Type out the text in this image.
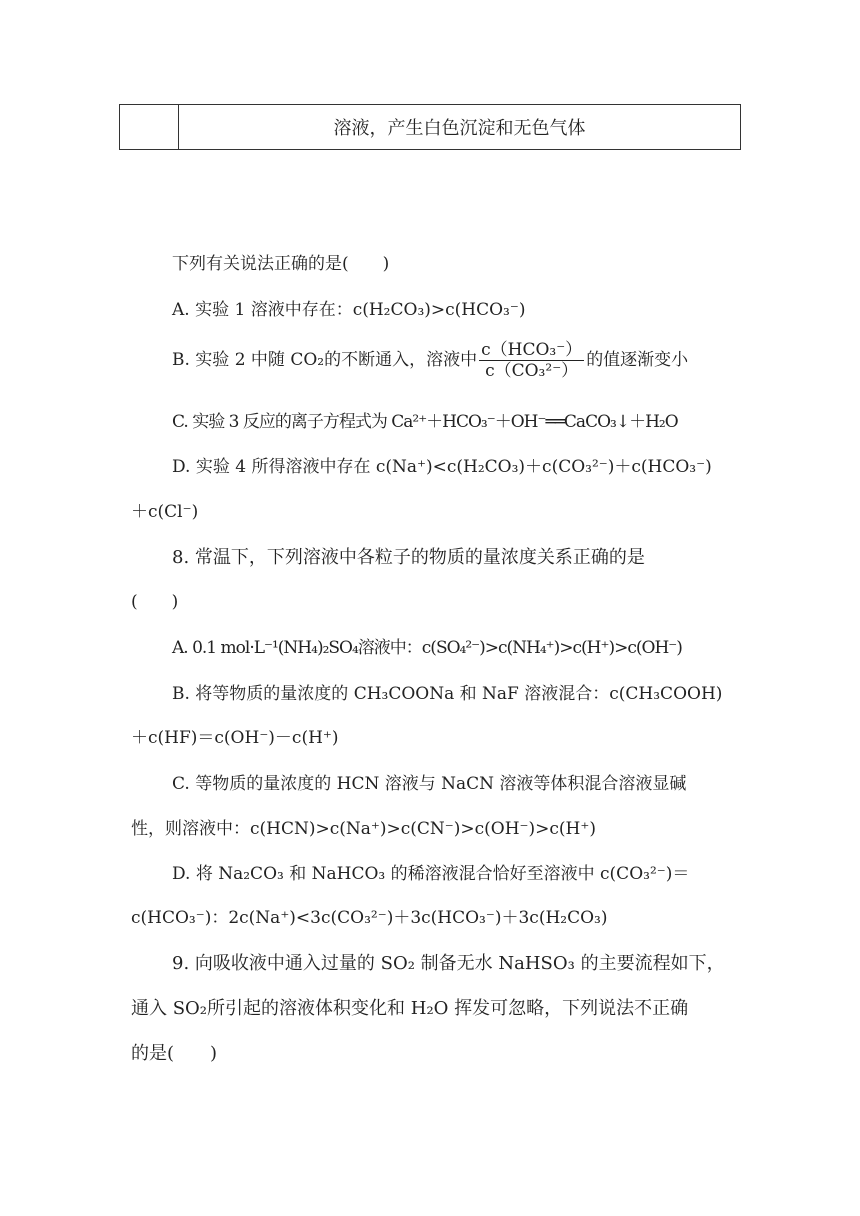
溶液，产生白色沉淀和无色气体
下列有关说法正确的是(　　)
A. 实验 1 溶液中存在：c(H₂CO₃)>c(HCO₃⁻)
B. 实验 2 中随 CO₂的不断通入，溶液中 $\frac{\text{c（HCO₃⁻）}}{\text{c（CO₃²⁻）}}$ 的值逐渐变小
C. 实验 3 反应的离子方程式为 Ca²⁺＋HCO₃⁻＋OH⁻══CaCO₃↓＋H₂O
D. 实验 4 所得溶液中存在 c(Na⁺)<c(H₂CO₃)＋c(CO₃²⁻)＋c(HCO₃⁻)
＋c(Cl⁻)
8. 常温下，下列溶液中各粒子的物质的量浓度关系正确的是
(　　)
A. 0.1 mol·L⁻¹(NH₄)₂SO₄溶液中：c(SO₄²⁻)>c(NH₄⁺)>c(H⁺)>c(OH⁻)
B. 将等物质的量浓度的 CH₃COONa 和 NaF 溶液混合：c(CH₃COOH)
＋c(HF)＝c(OH⁻)－c(H⁺)
C. 等物质的量浓度的 HCN 溶液与 NaCN 溶液等体积混合溶液显碱
性，则溶液中：c(HCN)>c(Na⁺)>c(CN⁻)>c(OH⁻)>c(H⁺)
D. 将 Na₂CO₃ 和 NaHCO₃ 的稀溶液混合恰好至溶液中 c(CO₃²⁻)＝
c(HCO₃⁻)：2c(Na⁺)<3c(CO₃²⁻)＋3c(HCO₃⁻)＋3c(H₂CO₃)
9. 向吸收液中通入过量的 SO₂ 制备无水 NaHSO₃ 的主要流程如下，
通入 SO₂所引起的溶液体积变化和 H₂O 挥发可忽略，下列说法不正确
的是(　　)
